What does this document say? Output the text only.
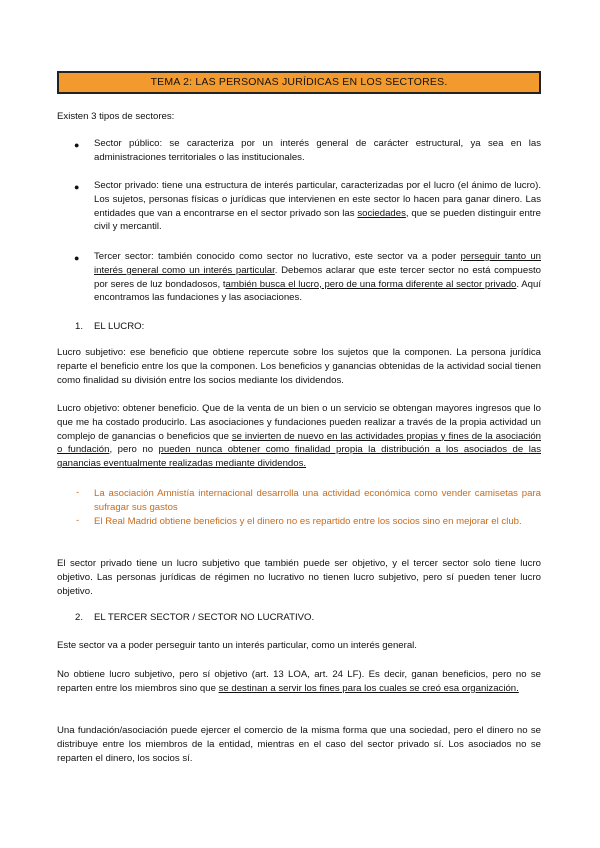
TEMA 2: LAS PERSONAS JURÍDICAS EN LOS SECTORES.

Existen 3 tipos de sectores:

● Sector público: se caracteriza por un interés general de carácter estructural, ya sea en las administraciones territoriales o las institucionales.

● Sector privado: tiene una estructura de interés particular, caracterizadas por el lucro (el ánimo de lucro). Los sujetos, personas físicas o jurídicas que intervienen en este sector lo hacen para ganar dinero. Las entidades que van a encontrarse en el sector privado son las sociedades, que se pueden distinguir entre civil y mercantil.

● Tercer sector: también conocido como sector no lucrativo, este sector va a poder perseguir tanto un interés general como un interés particular. Debemos aclarar que este tercer sector no está compuesto por seres de luz bondadosos, también busca el lucro, pero de una forma diferente al sector privado. Aquí encontramos las fundaciones y las asociaciones.

1. EL LUCRO:

Lucro subjetivo: ese beneficio que obtiene repercute sobre los sujetos que la componen. La persona jurídica reparte el beneficio entre los que la componen. Los beneficios y ganancias obtenidas de la actividad social tienen como finalidad su división entre los socios mediante los dividendos.

Lucro objetivo: obtener beneficio. Que de la venta de un bien o un servicio se obtengan mayores ingresos que lo que me ha costado producirlo. Las asociaciones y fundaciones pueden realizar a través de la propia actividad un complejo de ganancias o beneficios que se invierten de nuevo en las actividades propias y fines de la asociación o fundación, pero no pueden nunca obtener como finalidad propia la distribución a los asociados de las ganancias eventualmente realizadas mediante dividendos.

- La asociación Amnistía internacional desarrolla una actividad económica como vender camisetas para sufragar sus gastos

- El Real Madrid obtiene beneficios y el dinero no es repartido entre los socios sino en mejorar el club.

El sector privado tiene un lucro subjetivo que también puede ser objetivo, y el tercer sector solo tiene lucro objetivo. Las personas jurídicas de régimen no lucrativo no tienen lucro subjetivo, pero sí pueden tener lucro objetivo.

2. EL TERCER SECTOR / SECTOR NO LUCRATIVO.

Este sector va a poder perseguir tanto un interés particular, como un interés general.

No obtiene lucro subjetivo, pero sí objetivo (art. 13 LOA, art. 24 LF). Es decir, ganan beneficios, pero no se reparten entre los miembros sino que se destinan a servir los fines para los cuales se creó esa organización.

Una fundación/asociación puede ejercer el comercio de la misma forma que una sociedad, pero el dinero no se distribuye entre los miembros de la entidad, mientras en el caso del sector privado sí. Los asociados no se reparten el dinero, los socios sí.
